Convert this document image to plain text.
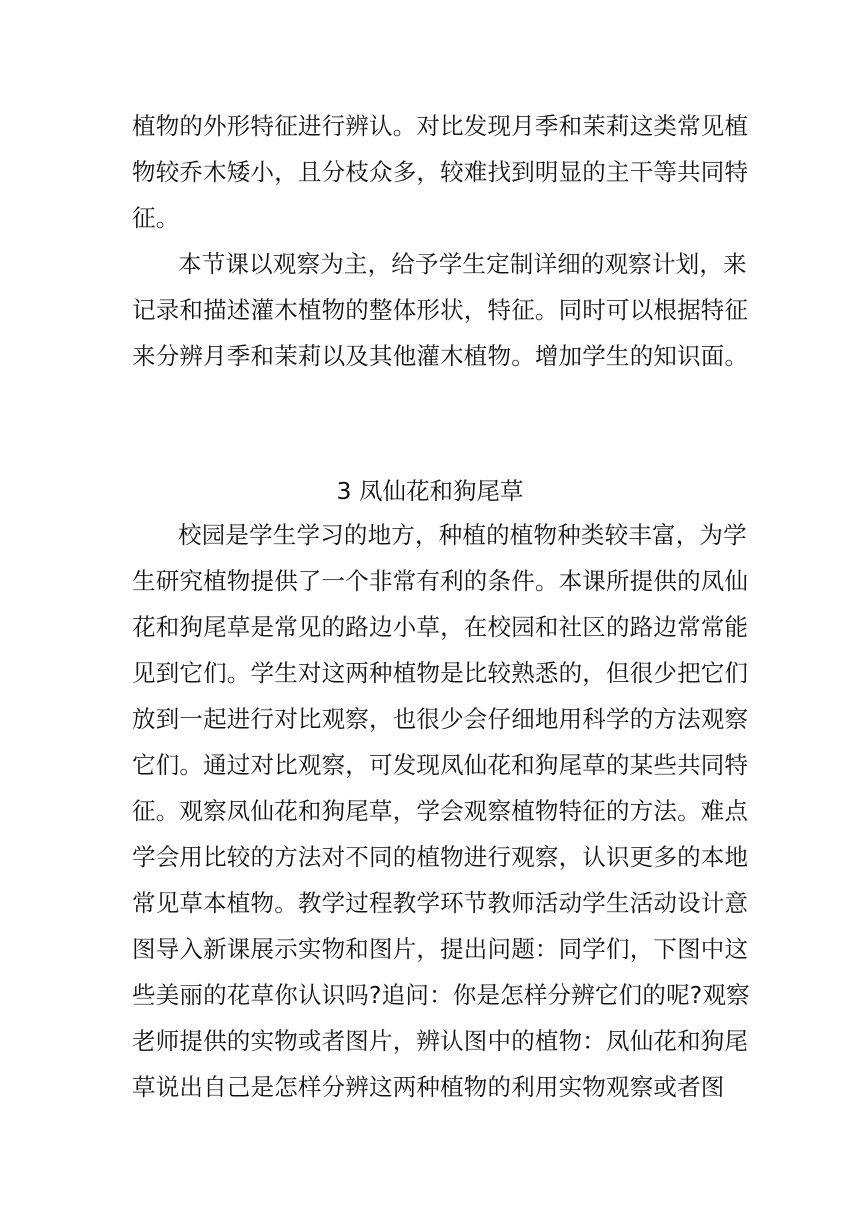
植物的外形特征进行辨认。对比发现月季和茉莉这类常见植
物较乔木矮小，且分枝众多，较难找到明显的主干等共同特
征。
本节课以观察为主，给予学生定制详细的观察计划，来
记录和描述灌木植物的整体形状，特征。同时可以根据特征
来分辨月季和茉莉以及其他灌木植物。增加学生的知识面。
3 凤仙花和狗尾草
校园是学生学习的地方，种植的植物种类较丰富，为学
生研究植物提供了一个非常有利的条件。本课所提供的凤仙
花和狗尾草是常见的路边小草，在校园和社区的路边常常能
见到它们。学生对这两种植物是比较熟悉的，但很少把它们
放到一起进行对比观察，也很少会仔细地用科学的方法观察
它们。通过对比观察，可发现凤仙花和狗尾草的某些共同特
征。观察凤仙花和狗尾草，学会观察植物特征的方法。难点
学会用比较的方法对不同的植物进行观察，认识更多的本地
常见草本植物。教学过程教学环节教师活动学生活动设计意
图导入新课展示实物和图片，提出问题：同学们，下图中这
些美丽的花草你认识吗?追问：你是怎样分辨它们的呢?观察
老师提供的实物或者图片，辨认图中的植物：凤仙花和狗尾
草说出自己是怎样分辨这两种植物的利用实物观察或者图
